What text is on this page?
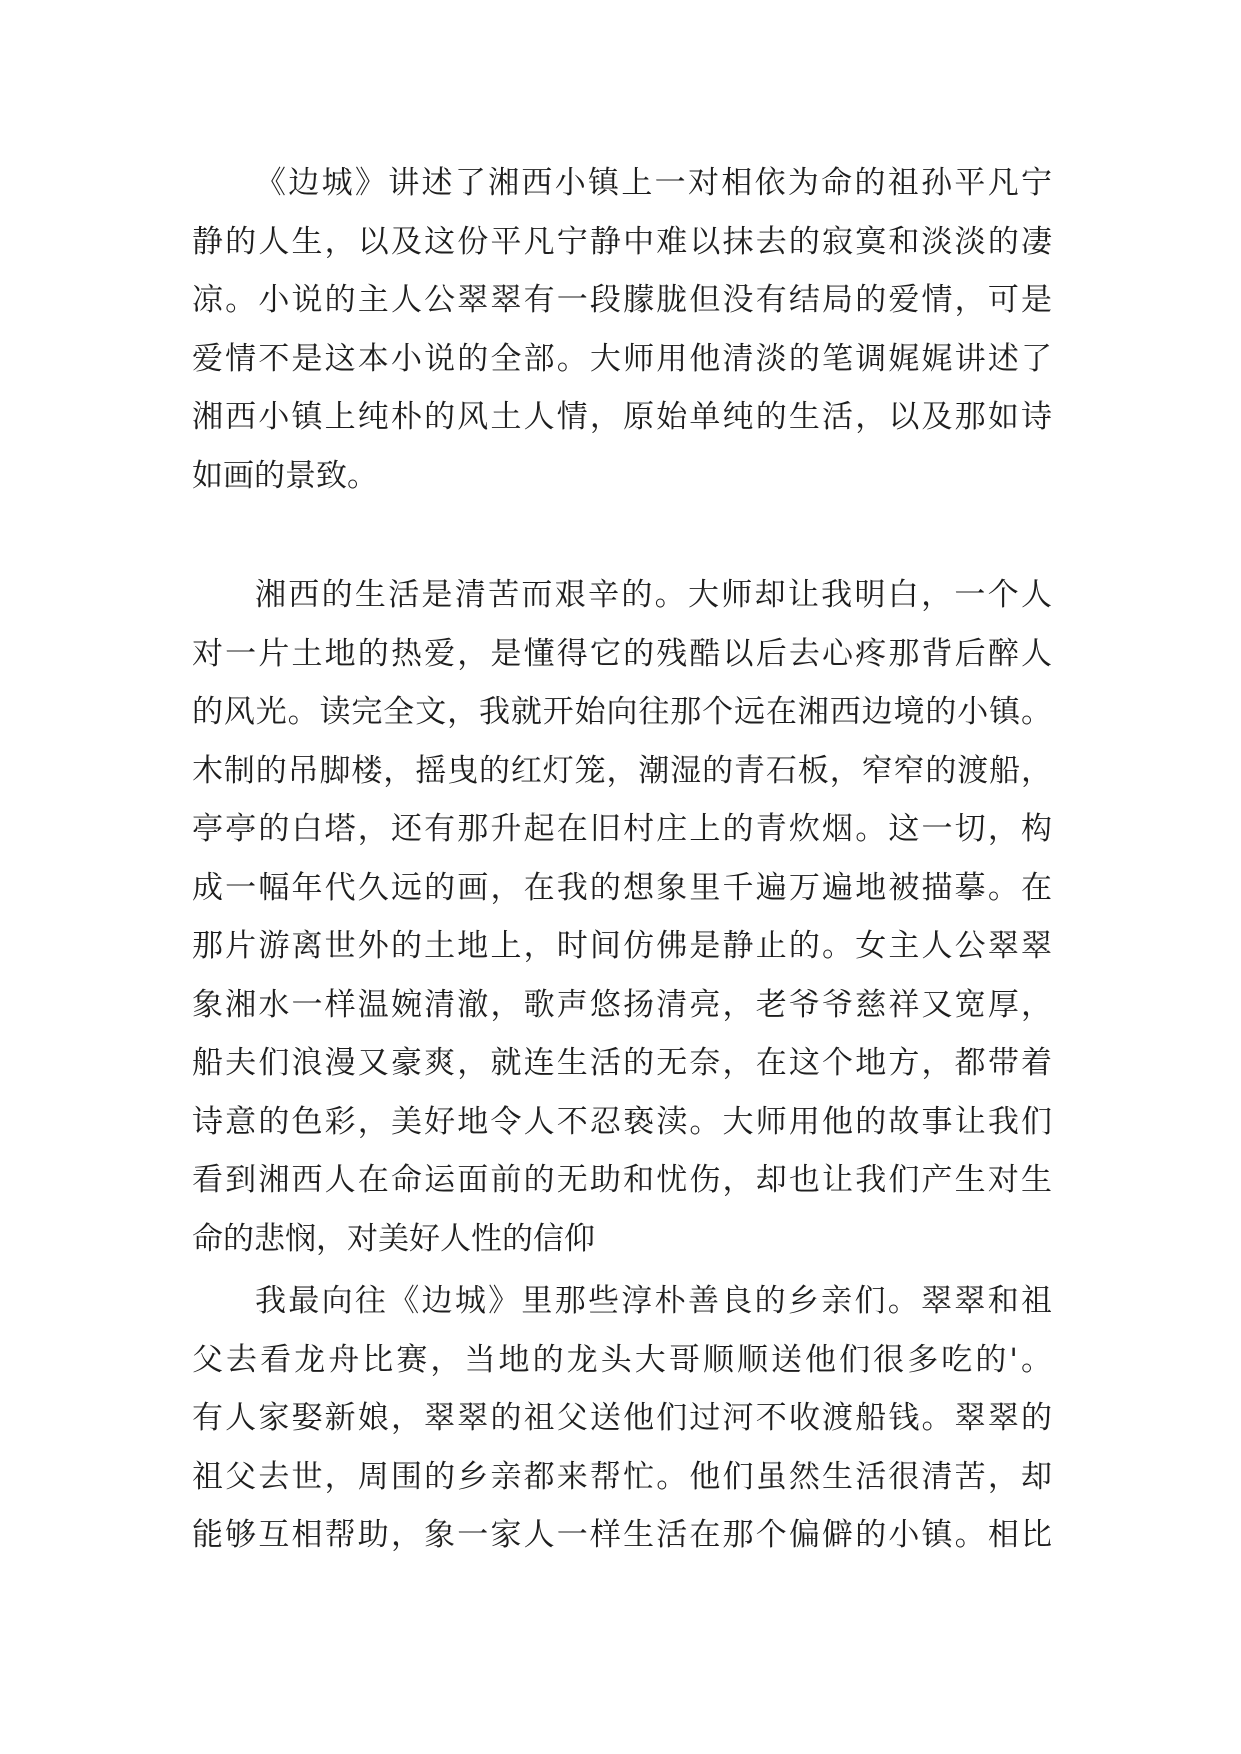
《边城》讲述了湘西小镇上一对相依为命的祖孙平凡宁
静的人生，以及这份平凡宁静中难以抹去的寂寞和淡淡的凄
凉。小说的主人公翠翠有一段朦胧但没有结局的爱情，可是
爱情不是这本小说的全部。大师用他清淡的笔调娓娓讲述了
湘西小镇上纯朴的风土人情，原始单纯的生活，以及那如诗
如画的景致。
湘西的生活是清苦而艰辛的。大师却让我明白，一个人
对一片土地的热爱，是懂得它的残酷以后去心疼那背后醉人
的风光。读完全文，我就开始向往那个远在湘西边境的小镇。
木制的吊脚楼，摇曳的红灯笼，潮湿的青石板，窄窄的渡船，
亭亭的白塔，还有那升起在旧村庄上的青炊烟。这一切，构
成一幅年代久远的画，在我的想象里千遍万遍地被描摹。在
那片游离世外的土地上，时间仿佛是静止的。女主人公翠翠
象湘水一样温婉清澈，歌声悠扬清亮，老爷爷慈祥又宽厚，
船夫们浪漫又豪爽，就连生活的无奈，在这个地方，都带着
诗意的色彩，美好地令人不忍亵渎。大师用他的故事让我们
看到湘西人在命运面前的无助和忧伤，却也让我们产生对生
命的悲悯，对美好人性的信仰
我最向往《边城》里那些淳朴善良的乡亲们。翠翠和祖
父去看龙舟比赛，当地的龙头大哥顺顺送他们很多吃的'。
有人家娶新娘，翠翠的祖父送他们过河不收渡船钱。翠翠的
祖父去世，周围的乡亲都来帮忙。他们虽然生活很清苦，却
能够互相帮助，象一家人一样生活在那个偏僻的小镇。相比
